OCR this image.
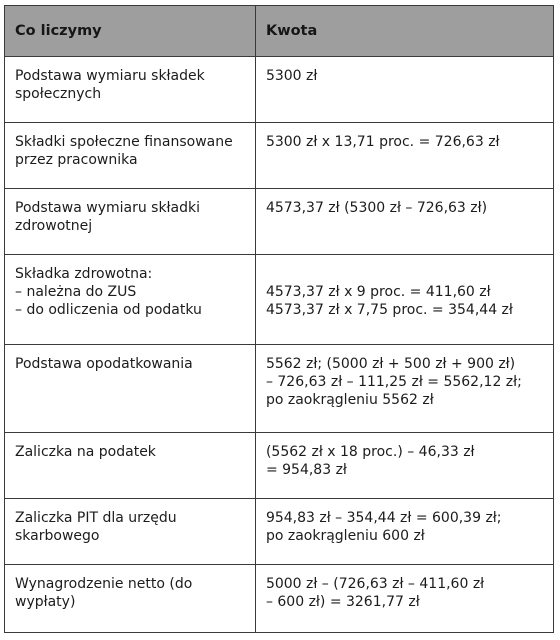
Co liczymy	Kwota

Podstawa wymiaru składek
społecznych	5300 zł

Składki społeczne finansowane
przez pracownika	5300 zł x 13,71 proc. = 726,63 zł

Podstawa wymiaru składki
zdrowotnej	4573,37 zł (5300 zł – 726,63 zł)

Składka zdrowotna:
– należna do ZUS
– do odliczenia od podatku	4573,37 zł x 9 proc. = 411,60 zł
4573,37 zł x 7,75 proc. = 354,44 zł

Podstawa opodatkowania	5562 zł; (5000 zł + 500 zł + 900 zł)
– 726,63 zł – 111,25 zł = 5562,12 zł;
po zaokrągleniu 5562 zł

Zaliczka na podatek	(5562 zł x 18 proc.) – 46,33 zł
= 954,83 zł

Zaliczka PIT dla urzędu
skarbowego	954,83 zł – 354,44 zł = 600,39 zł;
po zaokrągleniu 600 zł

Wynagrodzenie netto (do
wypłaty)	5000 zł – (726,63 zł – 411,60 zł
– 600 zł) = 3261,77 zł
